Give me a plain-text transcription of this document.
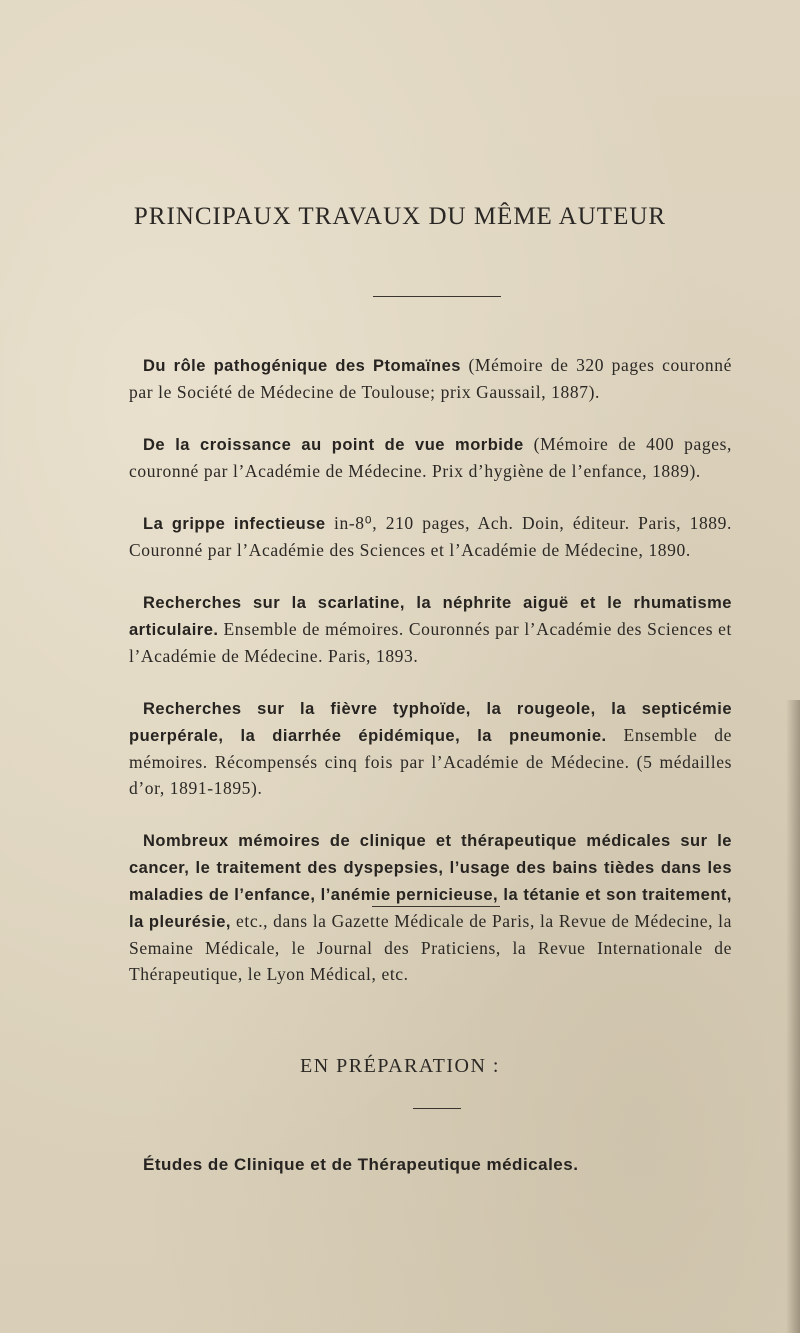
PRINCIPAUX TRAVAUX DU MÊME AUTEUR

Du rôle pathogénique des Ptomaïnes (Mémoire de 320 pages couronné par le Société de Médecine de Toulouse; prix Gaussail, 1887).

De la croissance au point de vue morbide (Mémoire de 400 pages, couronné par l’Académie de Médecine. Prix d’hygiène de l’enfance, 1889).

La grippe infectieuse in-8⁰, 210 pages, Ach. Doin, éditeur. Paris, 1889. Couronné par l’Académie des Sciences et l’Académie de Médecine, 1890.

Recherches sur la scarlatine, la néphrite aiguë et le rhumatisme articulaire. Ensemble de mémoires. Couronnés par l’Académie des Sciences et l’Académie de Médecine. Paris, 1893.

Recherches sur la fièvre typhoïde, la rougeole, la septicémie puerpérale, la diarrhée épidémique, la pneumonie. Ensemble de mémoires. Récompensés cinq fois par l’Académie de Médecine. (5 médailles d’or, 1891-1895).

Nombreux mémoires de clinique et thérapeutique médicales sur le cancer, le traitement des dyspepsies, l’usage des bains tièdes dans les maladies de l’enfance, l’anémie pernicieuse, la tétanie et son traitement, la pleurésie, etc., dans la Gazette Médicale de Paris, la Revue de Médecine, la Semaine Médicale, le Journal des Praticiens, la Revue Internationale de Thérapeutique, le Lyon Médical, etc.

EN PRÉPARATION :
Études de Clinique et de Thérapeutique médicales.
